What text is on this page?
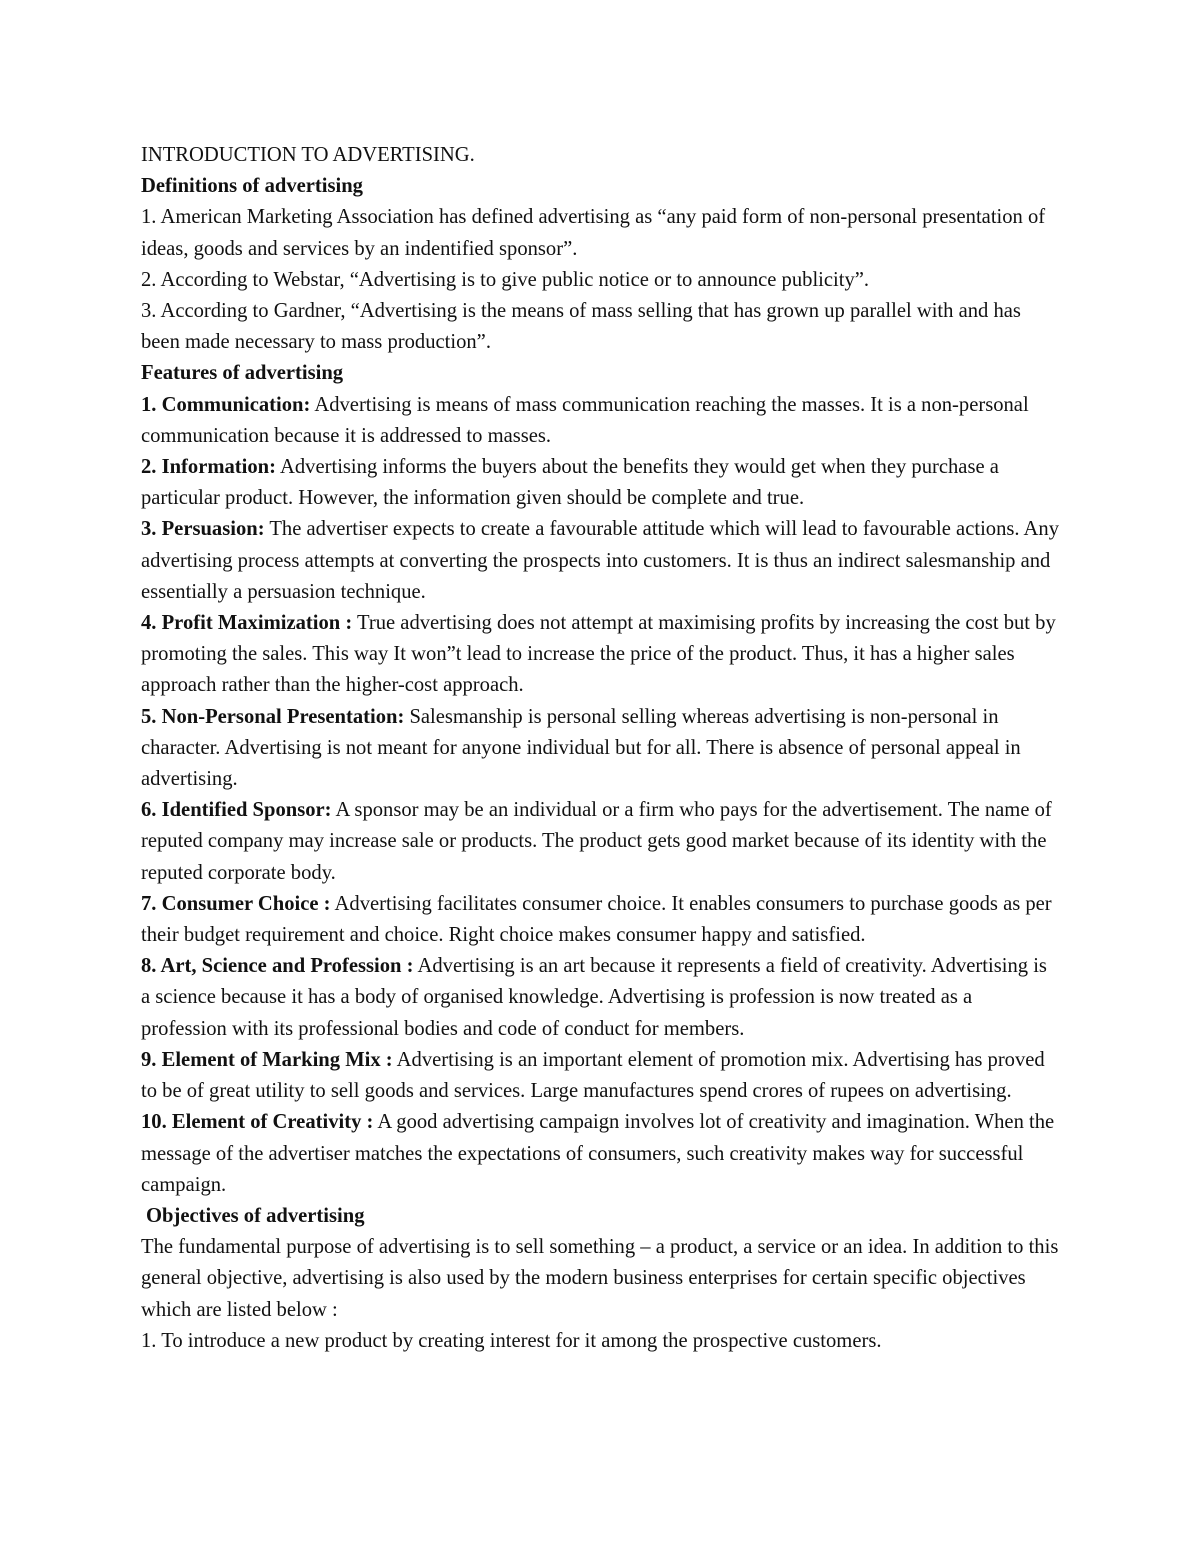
INTRODUCTION TO ADVERTISING.

Definitions of advertising

1. American Marketing Association has defined advertising as “any paid form of non-personal presentation of ideas, goods and services by an indentified sponsor”.

2. According to Webstar, “Advertising is to give public notice or to announce publicity”.

3. According to Gardner, “Advertising is the means of mass selling that has grown up parallel with and has been made necessary to mass production”.

Features of advertising

1. Communication: Advertising is means of mass communication reaching the masses. It is a non-personal communication because it is addressed to masses.

2. Information: Advertising informs the buyers about the benefits they would get when they purchase a particular product. However, the information given should be complete and true.

3. Persuasion: The advertiser expects to create a favourable attitude which will lead to favourable actions. Any advertising process attempts at converting the prospects into customers. It is thus an indirect salesmanship and essentially a persuasion technique.

4. Profit Maximization : True advertising does not attempt at maximising profits by increasing the cost but by promoting the sales. This way It won”t lead to increase the price of the product. Thus, it has a higher sales approach rather than the higher-cost approach.

5. Non-Personal Presentation: Salesmanship is personal selling whereas advertising is non-personal in character. Advertising is not meant for anyone individual but for all. There is absence of personal appeal in advertising.

6. Identified Sponsor: A sponsor may be an individual or a firm who pays for the advertisement. The name of reputed company may increase sale or products. The product gets good market because of its identity with the reputed corporate body.

7. Consumer Choice : Advertising facilitates consumer choice. It enables consumers to purchase goods as per their budget requirement and choice. Right choice makes consumer happy and satisfied.

8. Art, Science and Profession : Advertising is an art because it represents a field of creativity. Advertising is a science because it has a body of organised knowledge. Advertising is profession is now treated as a profession with its professional bodies and code of conduct for members.

9. Element of Marking Mix : Advertising is an important element of promotion mix. Advertising has proved to be of great utility to sell goods and services. Large manufactures spend crores of rupees on advertising.

10. Element of Creativity : A good advertising campaign involves lot of creativity and imagination. When the message of the advertiser matches the expectations of consumers, such creativity makes way for successful campaign.

Objectives of advertising

The fundamental purpose of advertising is to sell something – a product, a service or an idea. In addition to this general objective, advertising is also used by the modern business enterprises for certain specific objectives which are listed below :

1. To introduce a new product by creating interest for it among the prospective customers.
